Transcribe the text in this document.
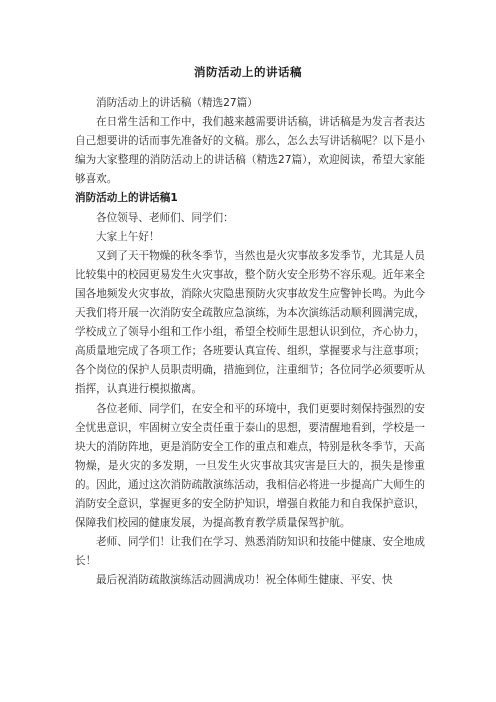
消防活动上的讲话稿

消防活动上的讲话稿（精选27篇）

在日常生活和工作中，我们越来越需要讲话稿，讲话稿是为发言者表达自己想要讲的话而事先准备好的文稿。那么，怎么去写讲话稿呢？以下是小编为大家整理的消防活动上的讲话稿（精选27篇），欢迎阅读，希望大家能够喜欢。

消防活动上的讲话稿1

各位领导、老师们、同学们：

大家上午好！

又到了天干物燥的秋冬季节，当然也是火灾事故多发季节，尤其是人员比较集中的校园更易发生火灾事故，整个防火安全形势不容乐观。近年来全国各地频发火灾事故，消除火灾隐患预防火灾事故发生应警钟长鸣。为此今天我们将开展一次消防安全疏散应急演练，为本次演练活动顺利圆满完成，学校成立了领导小组和工作小组，希望全校师生思想认识到位，齐心协力，高质量地完成了各项工作；各班要认真宣传、组织，掌握要求与注意事项；各个岗位的保护人员职责明确，措施到位，注重细节；各位同学必须要听从指挥，认真进行模拟撤离。

各位老师、同学们，在安全和平的环境中，我们更要时刻保持强烈的安全忧患意识，牢固树立安全责任重于泰山的思想，要清醒地看到，学校是一块大的消防阵地，更是消防安全工作的重点和难点，特别是秋冬季节，天高物燥，是火灾的多发期，一旦发生火灾事故其灾害是巨大的，损失是惨重的。因此，通过这次消防疏散演练活动，我相信必将进一步提高广大师生的消防安全意识，掌握更多的安全防护知识，增强自救能力和自我保护意识，保障我们校园的健康发展，为提高教育教学质量保驾护航。

老师、同学们！让我们在学习、熟悉消防知识和技能中健康、安全地成长！

最后祝消防疏散演练活动圆满成功！祝全体师生健康、平安、快
